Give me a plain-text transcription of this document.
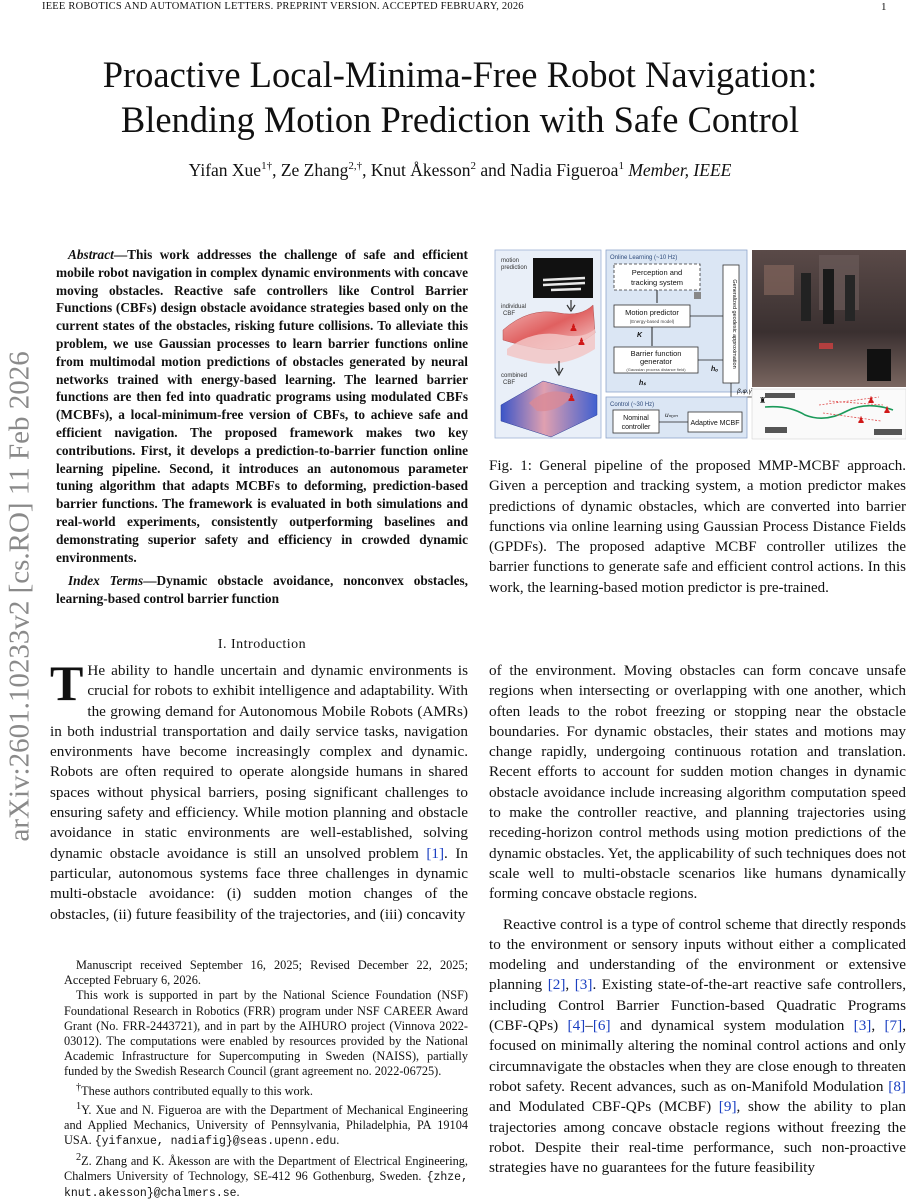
IEEE ROBOTICS AND AUTOMATION LETTERS. PREPRINT VERSION. ACCEPTED FEBRUARY, 2026	1
Proactive Local-Minima-Free Robot Navigation:
Blending Motion Prediction with Safe Control
Yifan Xue$^{1\dagger}$, Ze Zhang$^{2,\dagger}$, Knut Åkesson$^2$ and Nadia Figueroa$^1$ Member, IEEE
arXiv:2601.10233v2 [cs.RO] 11 Feb 2026

Abstract—This work addresses the challenge of safe and efficient mobile robot navigation in complex dynamic environments with concave moving obstacles. Reactive safe controllers like Control Barrier Functions (CBFs) design obstacle avoidance strategies based only on the current states of the obstacles, risking future collisions. To alleviate this problem, we use Gaussian processes to learn barrier functions online from multimodal motion predictions of obstacles generated by neural networks trained with energy-based learning. The learned barrier functions are then fed into quadratic programs using modulated CBFs (MCBFs), a local-minimum-free version of CBFs, to achieve safe and efficient navigation. The proposed framework makes two key contributions. First, it develops a prediction-to-barrier function online learning pipeline. Second, it introduces an autonomous parameter tuning algorithm that adapts MCBFs to deforming, prediction-based barrier functions. The framework is evaluated in both simulations and real-world experiments, consistently outperforming baselines and demonstrating superior safety and efficiency in crowded dynamic environments.

Index Terms—Dynamic obstacle avoidance, nonconvex obstacles, learning-based control barrier function

I. Introduction

T He ability to handle uncertain and dynamic environments is crucial for robots to exhibit intelligence and adaptability. With the growing demand for Autonomous Mobile Robots (AMRs) in both industrial transportation and daily service tasks, navigation environments have become increasingly complex and dynamic. Robots are often required to operate alongside humans in shared spaces without physical barriers, posing significant challenges to ensuring safety and efficiency. While motion planning and obstacle avoidance in static environments are well-established, solving dynamic obstacle avoidance is still an unsolved problem [1]. In particular, autonomous systems face three challenges in dynamic multi-obstacle avoidance: (i) sudden motion changes of the obstacles, (ii) future feasibility of the trajectories, and (iii) concavity

Manuscript received September 16, 2025; Revised December 22, 2025; Accepted February 6, 2026.

This work is supported in part by the National Science Foundation (NSF) Foundational Research in Robotics (FRR) program under NSF CAREER Award Grant (No. FRR-2443721), and in part by the AIHURO project (Vinnova 2022-03012). The computations were enabled by resources provided by the National Academic Infrastructure for Supercomputing in Sweden (NAISS), partially funded by the Swedish Research Council (grant agreement no. 2022-06725).

†These authors contributed equally to this work.

$^1$Y. Xue and N. Figueroa are with the Department of Mechanical Engineering and Applied Mechanics, University of Pennsylvania, Philadelphia, PA 19104 USA. {yifanxue, nadiafig}@seas.upenn.edu.

$^2$Z. Zhang and K. Åkesson are with the Department of Electrical Engineering, Chalmers University of Technology, SE-412 96 Gothenburg, Sweden. {zhze, knut.akesson}@chalmers.se.

motion
prediction
individual
CBF
combined
CBF
♟
♟
♟
Online Learning (~10 Hz)
Perception and
tracking system
Motion predictor
(Energy-based model)
K
Barrier function
generator
(Gaussian process distance field)	hₒ
hₛ
Generalized geodesic approximation
β,φ,γ̄
Control (~30 Hz)
Nominal
controller
uₙₒₘ
Adaptive MCBF
♜	♟
♟
♟

Fig. 1: General pipeline of the proposed MMP-MCBF approach. Given a perception and tracking system, a motion predictor makes predictions of dynamic obstacles, which are converted into barrier functions via online learning using Gaussian Process Distance Fields (GPDFs). The proposed adaptive MCBF controller utilizes the barrier functions to generate safe and efficient control actions. In this work, the learning-based motion predictor is pre-trained.

of the environment. Moving obstacles can form concave unsafe regions when intersecting or overlapping with one another, which often leads to the robot freezing or stopping near the obstacle boundaries. For dynamic obstacles, their states and motions may change rapidly, undergoing continuous rotation and translation. Recent efforts to account for sudden motion changes in dynamic obstacle avoidance include increasing algorithm computation speed to make the controller reactive, and planning trajectories using receding-horizon control methods using motion predictions of the dynamic obstacles. Yet, the applicability of such techniques does not scale well to multi-obstacle scenarios like humans dynamically forming concave obstacle regions.

Reactive control is a type of control scheme that directly responds to the environment or sensory inputs without either a complicated modeling and understanding of the environment or extensive planning [2], [3]. Existing state-of-the-art reactive safe controllers, including Control Barrier Function-based Quadratic Programs (CBF-QPs) [4]–[6] and dynamical system modulation [3], [7], focused on minimally altering the nominal control actions and only circumnavigate the obstacles when they are close enough to threaten robot safety. Recent advances, such as on-Manifold Modulation [8] and Modulated CBF-QPs (MCBF) [9], show the ability to plan trajectories among concave obstacle regions without freezing the robot. Despite their real-time performance, such non-proactive strategies have no guarantees for the future feasibility
